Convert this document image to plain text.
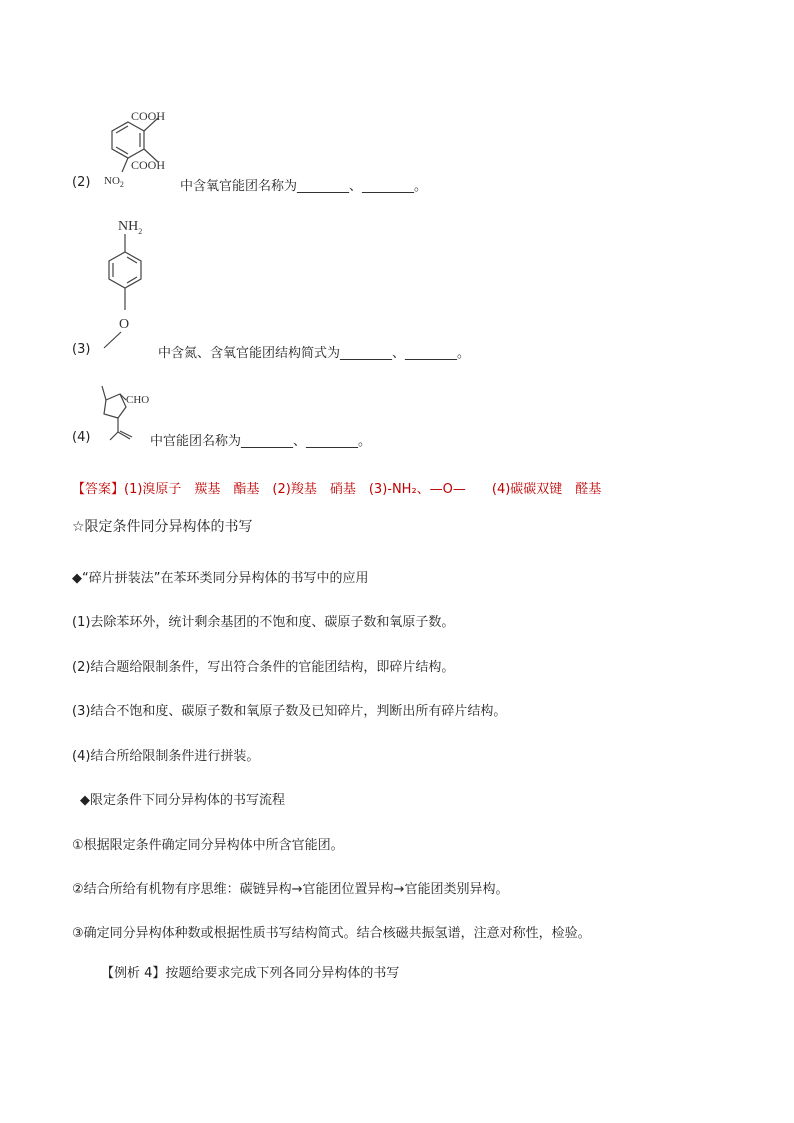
COOH
COOH
$NO_2$
(2)	中含氧官能团名称为________、________。
$NH_2$
O
(3)	中含氮、含氧官能团结构简式为________、________。
CHO
(4)	中官能团名称为________、________。
【答案】(1)溴原子　羰基　酯基　(2)羧基　硝基　(3)-NH₂、—O—　　(4)碳碳双键　醛基
☆限定条件同分异构体的书写
◆“碎片拼装法”在苯环类同分异构体的书写中的应用
(1)去除苯环外，统计剩余基团的不饱和度、碳原子数和氧原子数。
(2)结合题给限制条件，写出符合条件的官能团结构，即碎片结构。
(3)结合不饱和度、碳原子数和氧原子数及已知碎片，判断出所有碎片结构。
(4)结合所给限制条件进行拼装。
◆限定条件下同分异构体的书写流程
①根据限定条件确定同分异构体中所含官能团。
②结合所给有机物有序思维：碳链异构→官能团位置异构→官能团类别异构。
③确定同分异构体种数或根据性质书写结构简式。结合核磁共振氢谱，注意对称性，检验。
【例析 4】按题给要求完成下列各同分异构体的书写
